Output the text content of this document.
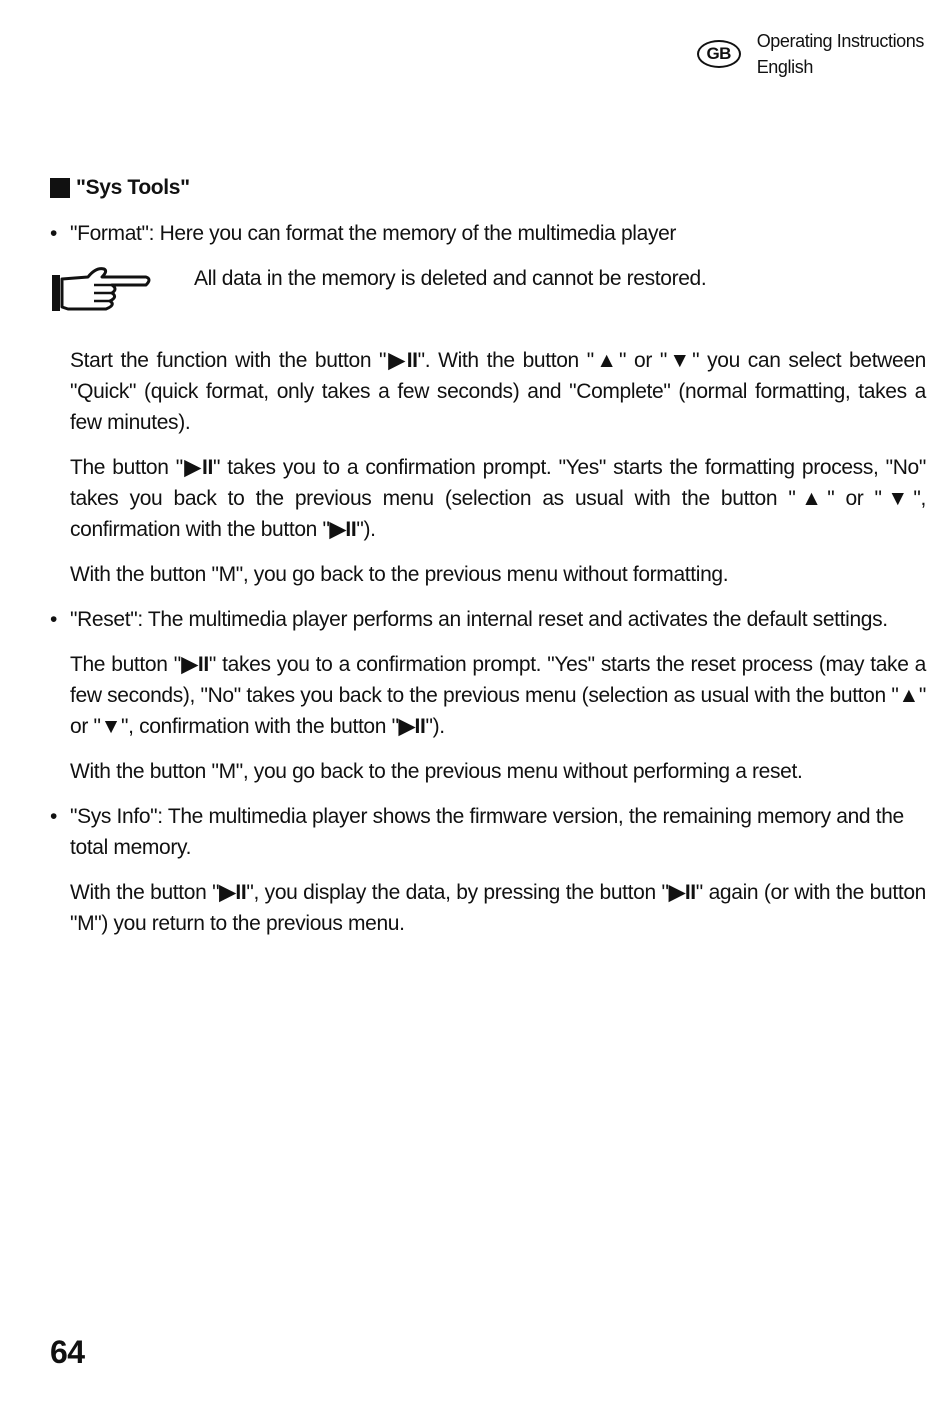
GB
Operating Instructions
English
"Sys Tools"
• "Format": Here you can format the memory of the multimedia player
All data in the memory is deleted and cannot be restored.
Start the function with the button "▶II". With the button "▲" or "▼" you can select between "Quick" (quick format, only takes a few seconds) and "Complete" (normal formatting, takes a few minutes).
The button "▶II" takes you to a confirmation prompt. "Yes" starts the formatting process, "No" takes you back to the previous menu (selection as usual with the button "▲" or "▼", confirmation with the button "▶II").
With the button "M", you go back to the previous menu without formatting.
• "Reset": The multimedia player performs an internal reset and activates the default settings.
The button "▶II" takes you to a confirmation prompt. "Yes" starts the reset process (may take a few seconds), "No" takes you back to the previous menu (selection as usual with the button "▲" or "▼", confirmation with the button "▶II").
With the button "M", you go back to the previous menu without performing a reset.
• "Sys Info": The multimedia player shows the firmware version, the remaining memory and the total memory.
With the button "▶II", you display the data, by pressing the button "▶II" again (or with the button "M") you return to the previous menu.
64
